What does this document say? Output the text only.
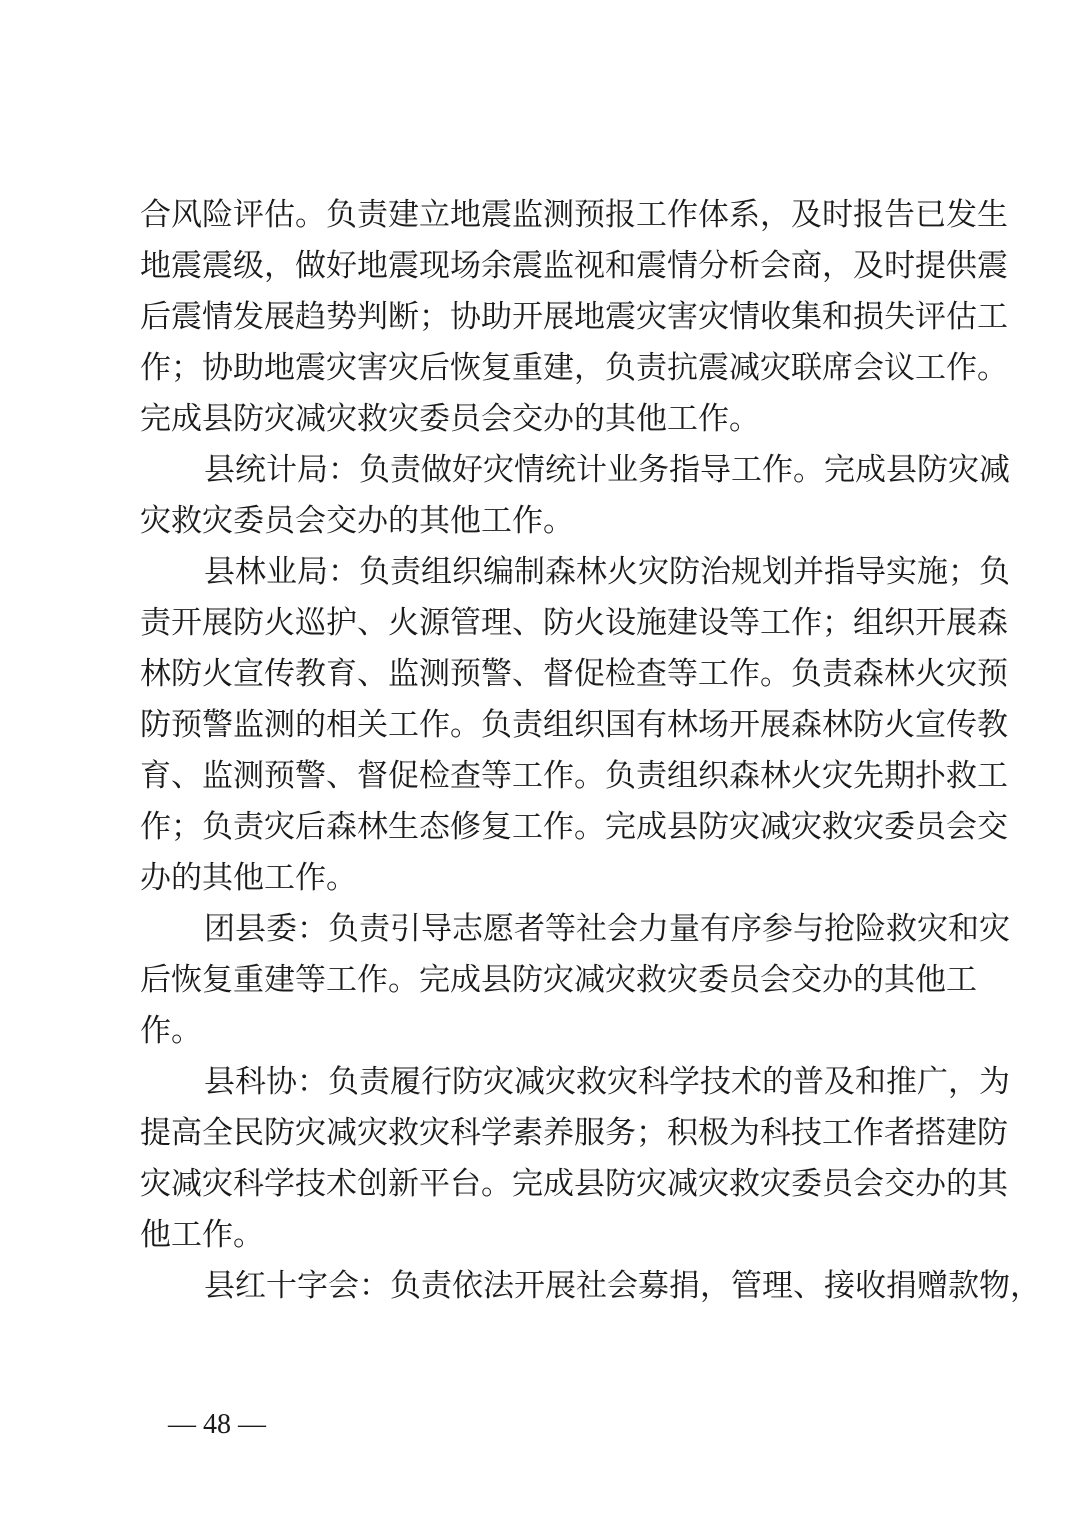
合风险评估。负责建立地震监测预报工作体系，及时报告已发生
地震震级，做好地震现场余震监视和震情分析会商，及时提供震
后震情发展趋势判断；协助开展地震灾害灾情收集和损失评估工
作；协助地震灾害灾后恢复重建，负责抗震减灾联席会议工作。
完成县防灾减灾救灾委员会交办的其他工作。
县统计局：负责做好灾情统计业务指导工作。完成县防灾减
灾救灾委员会交办的其他工作。
县林业局：负责组织编制森林火灾防治规划并指导实施；负
责开展防火巡护、火源管理、防火设施建设等工作；组织开展森
林防火宣传教育、监测预警、督促检查等工作。负责森林火灾预
防预警监测的相关工作。负责组织国有林场开展森林防火宣传教
育、监测预警、督促检查等工作。负责组织森林火灾先期扑救工
作；负责灾后森林生态修复工作。完成县防灾减灾救灾委员会交
办的其他工作。
团县委：负责引导志愿者等社会力量有序参与抢险救灾和灾
后恢复重建等工作。完成县防灾减灾救灾委员会交办的其他工
作。
县科协：负责履行防灾减灾救灾科学技术的普及和推广，为
提高全民防灾减灾救灾科学素养服务；积极为科技工作者搭建防
灾减灾科学技术创新平台。完成县防灾减灾救灾委员会交办的其
他工作。
县红十字会：负责依法开展社会募捐，管理、接收捐赠款物，
— 48 —
